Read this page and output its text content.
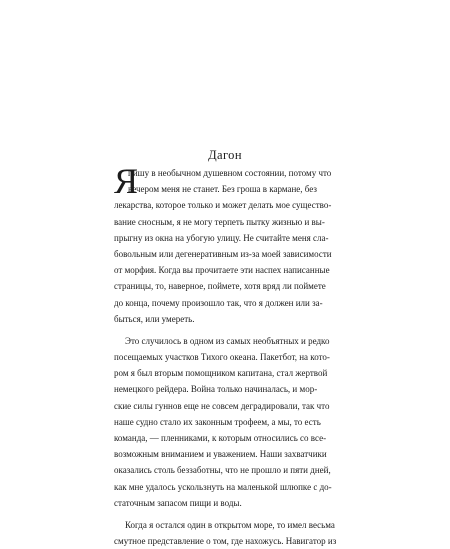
Дагон
Я
пишу в необычном душевном состоянии, потому что
вечером меня не станет. Без гроша в кармане, без
лекарства, которое только и может делать мое существо-
вание сносным, я не могу терпеть пытку жизнью и вы-
прыгну из окна на убогую улицу. Не считайте меня сла-
бовольным или дегенеративным из-за моей зависимости
от морфия. Когда вы прочитаете эти наспех написанные
страницы, то, наверное, поймете, хотя вряд ли поймете
до конца, почему произошло так, что я должен или за-
быться, или умереть.
Это случилось в одном из самых необъятных и редко
посещаемых участков Тихого океана. Пакетбот, на кото-
ром я был вторым помощником капитана, стал жертвой
немецкого рейдера. Война только начиналась, и мор-
ские силы гуннов еще не совсем деградировали, так что
наше судно стало их законным трофеем, а мы, то есть
команда, — пленниками, к которым относились со все-
возможным вниманием и уважением. Наши захватчики
оказались столь беззаботны, что не прошло и пяти дней,
как мне удалось ускользнуть на маленькой шлюпке с до-
статочным запасом пищи и воды.
Когда я остался один в открытом море, то имел весьма
смутное представление о том, где нахожусь. Навигатор из
